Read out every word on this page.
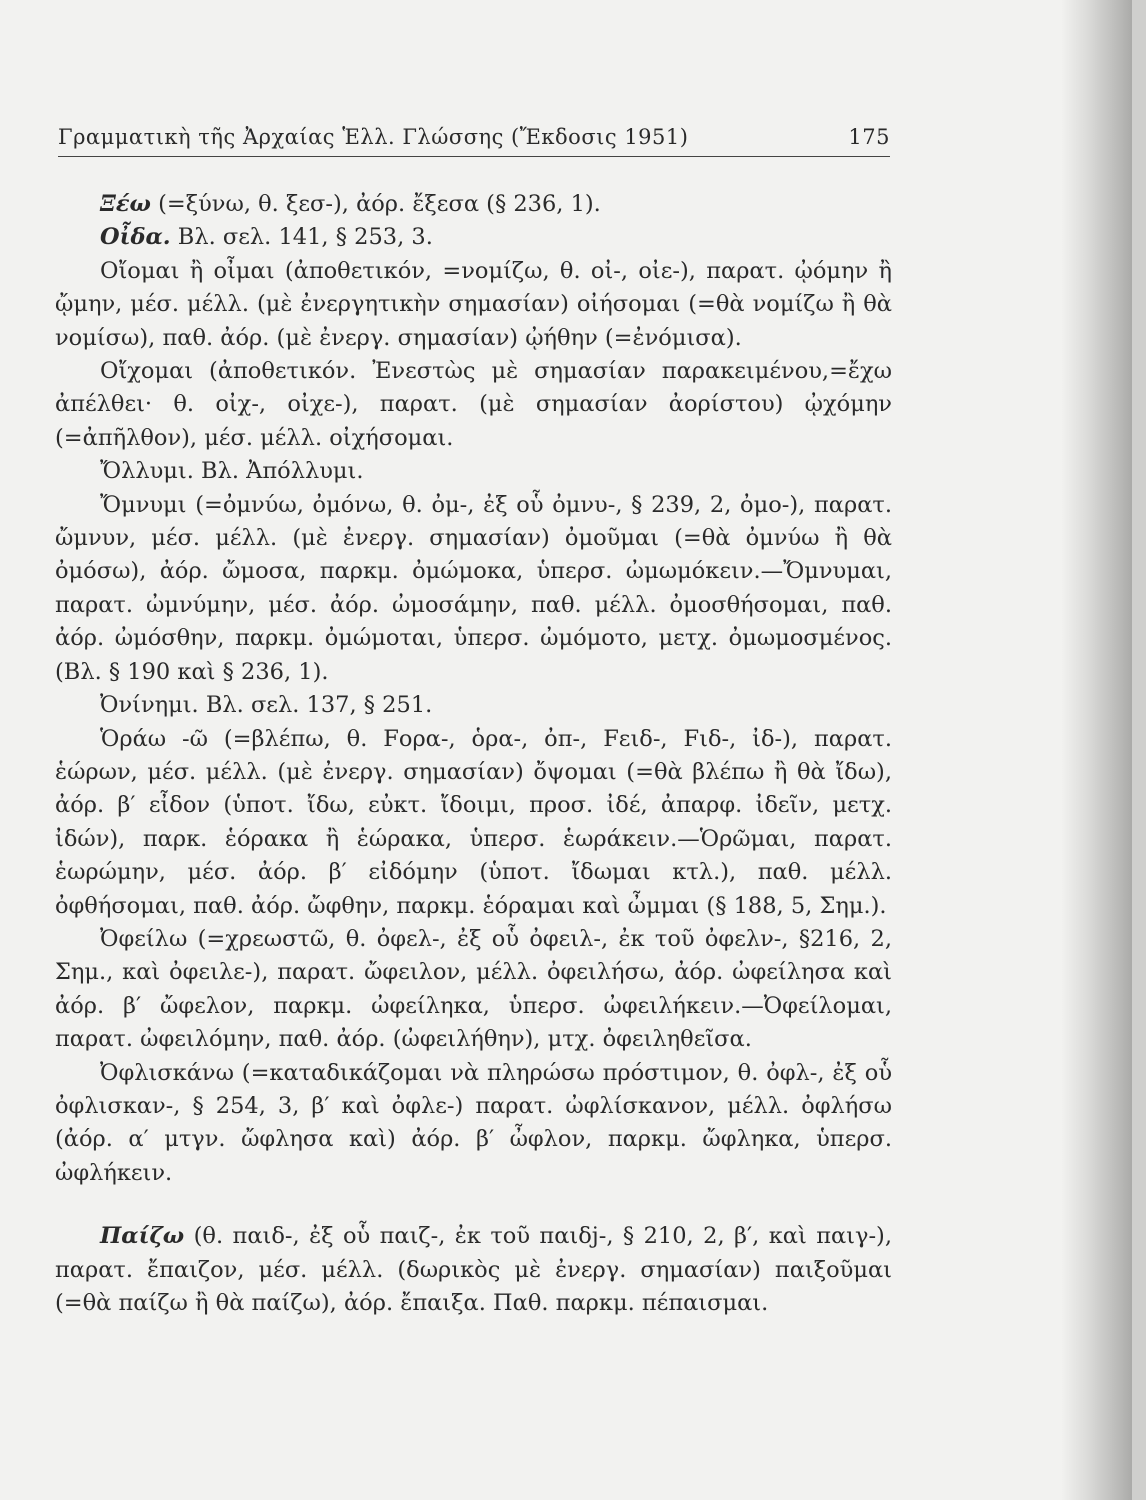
Γραμματικὴ τῆς Ἀρχαίας Ἑλλ. Γλώσσης (Ἔκδοσις 1951)	175

Ξέω (=ξύνω, θ. ξεσ-), ἀόρ. ἔξεσα (§ 236, 1).

Οἶδα. Βλ. σελ. 141, § 253, 3.

Οἴομαι ἢ οἶμαι (ἀποθετικόν, =νομίζω, θ. οἰ-, οἰε-), παρατ. ᾠόμην ἢ ᾤμην, μέσ. μέλλ. (μὲ ἐνεργητικὴν σημασίαν) οἰήσομαι (=θὰ νομίζω ἢ θὰ νομίσω), παθ. ἀόρ. (μὲ ἐνεργ. σημασίαν) ᾠήθην (=ἐνόμισα).

Οἴχομαι (ἀποθετικόν. Ἐνεστὼς μὲ σημασίαν παρακειμένου,=ἔχω ἀπέλθει· θ. οἰχ-, οἰχε-), παρατ. (μὲ σημασίαν ἀορίστου) ᾠχόμην (=ἀπῆλθον), μέσ. μέλλ. οἰχήσομαι.

Ὄλλυμι. Βλ. Ἀπόλλυμι.

Ὄμνυμι (=ὀμνύω, ὀμόνω, θ. ὀμ-, ἐξ οὗ ὀμνυ-, § 239, 2, ὀμο-), παρατ. ὤμνυν, μέσ. μέλλ. (μὲ ἐνεργ. σημασίαν) ὀμοῦμαι (=θὰ ὀμνύω ἢ θὰ ὀμόσω), ἀόρ. ὤμοσα, παρκμ. ὀμώμοκα, ὑπερσ. ὠμωμόκειν.—Ὄμνυμαι, παρατ. ὠμνύμην, μέσ. ἀόρ. ὠμοσάμην, παθ. μέλλ. ὀμοσθήσομαι, παθ. ἀόρ. ὠμόσθην, παρκμ. ὀμώμοται, ὑπερσ. ὠμόμοτο, μετχ. ὀμωμοσμένος. (Βλ. § 190 καὶ § 236, 1).

Ὀνίνημι. Βλ. σελ. 137, § 251.

Ὁράω -ῶ (=βλέπω, θ. Fορα-, ὁρα-, ὀπ-, Fειδ-, Fιδ-, ἰδ-), παρατ. ἑώρων, μέσ. μέλλ. (μὲ ἐνεργ. σημασίαν) ὄψομαι (=θὰ βλέπω ἢ θὰ ἴδω), ἀόρ. β′ εἶδον (ὑποτ. ἴδω, εὐκτ. ἴδοιμι, προσ. ἰδέ, ἀπαρφ. ἰδεῖν, μετχ. ἰδών), παρκ. ἑόρακα ἢ ἑώρακα, ὑπερσ. ἑωράκειν.—Ὁρῶμαι, παρατ. ἑωρώμην, μέσ. ἀόρ. β′ εἰδόμην (ὑποτ. ἴδωμαι κτλ.), παθ. μέλλ. ὀφθήσομαι, παθ. ἀόρ. ὤφθην, παρκμ. ἑόραμαι καὶ ὦμμαι (§ 188, 5, Σημ.).

Ὀφείλω (=χρεωστῶ, θ. ὀφελ-, ἐξ οὗ ὀφειλ-, ἐκ τοῦ ὀφελν-, §216, 2, Σημ., καὶ ὀφειλε-), παρατ. ὤφειλον, μέλλ. ὀφειλήσω, ἀόρ. ὠφείλησα καὶ ἀόρ. β′ ὤφελον, παρκμ. ὠφείληκα, ὑπερσ. ὠφειλήκειν.—Ὀφείλομαι, παρατ. ὠφειλόμην, παθ. ἀόρ. (ὠφειλήθην), μτχ. ὀφειληθεῖσα.

Ὀφλισκάνω (=καταδικάζομαι νὰ πληρώσω πρόστιμον, θ. ὀφλ-, ἐξ οὗ ὀφλισκαν-, § 254, 3, β′ καὶ ὀφλε-) παρατ. ὠφλίσκανον, μέλλ. ὀφλήσω (ἀόρ. α′ μτγν. ὤφλησα καὶ) ἀόρ. β′ ὦφλον, παρκμ. ὤφληκα, ὑπερσ. ὠφλήκειν.

Παίζω (θ. παιδ-, ἐξ οὗ παιζ-, ἐκ τοῦ παιδj-, § 210, 2, β′, καὶ παιγ-), παρατ. ἔπαιζον, μέσ. μέλλ. (δωρικὸς μὲ ἐνεργ. σημασίαν) παιξοῦμαι (=θὰ παίζω ἢ θὰ παίζω), ἀόρ. ἔπαιξα. Παθ. παρκμ. πέπαισμαι.
